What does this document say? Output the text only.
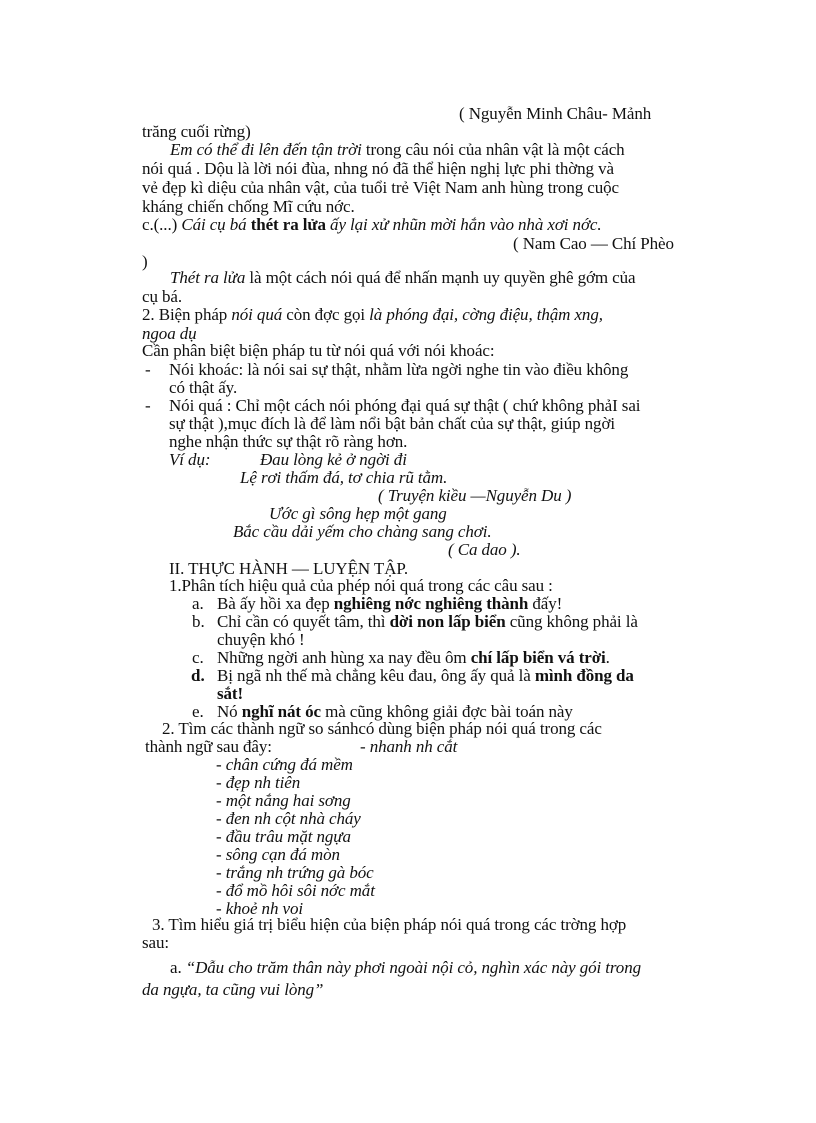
( Nguyễn Minh Châu- Mảnh
trăng cuối rừng)
Em có thể đi lên đến tận trời trong câu nói của nhân vật là một cách
nói quá . Dộu là lời nói đùa, nhng nó đã thể hiện nghị lực phi thờng và
vẻ đẹp kì diệu của nhân vật, của tuổi trẻ Việt Nam anh hùng trong cuộc
kháng chiến chống Mĩ cứu nớc.
c.(...) Cái cụ bá thét ra lửa ấy lại xử nhũn mời hắn vào nhà xơi nớc.
( Nam Cao — Chí Phèo
)
Thét ra lửa là một cách nói quá để nhấn mạnh uy quyền ghê gớm của
cụ bá.
2. Biện pháp nói quá còn đợc gọi là phóng đại, cờng điệu, thậm xng,
ngoa dụ
Cần phân biệt biện pháp tu từ nói quá với nói khoác:
- Nói khoác: là nói sai sự thật, nhằm lừa ngời nghe tin vào điều không
có thật ấy.
- Nói quá : Chỉ một cách nói phóng đại quá sự thật ( chứ không phảI sai
sự thật ),mục đích là để làm nổi bật bản chất của sự thật, giúp ngời
nghe nhận thức sự thật rõ ràng hơn.
Ví dụ:	Đau lòng kẻ ở ngời đi
Lệ rơi thấm đá, tơ chia rũ tằm.
( Truyện kiều —Nguyễn Du )
Ước gì sông hẹp một gang
Bắc cầu dải yếm cho chàng sang chơi.
( Ca dao ).
II. THỰC HÀNH — LUYỆN TẬP.
1.Phân tích hiệu quả của phép nói quá trong các câu sau :
a. Bà ấy hồi xa đẹp nghiêng nớc nghiêng thành đấy!
b. Chỉ cần có quyết tâm, thì dời non lấp biển cũng không phải là
chuyện khó !
c. Những ngời anh hùng xa nay đều ôm chí lấp biển vá trời.
d. Bị ngã nh thế mà chẳng kêu đau, ông ấy quả là mình đồng da
sắt!
e. Nó nghĩ nát óc mà cũng không giải đợc bài toán này
2. Tìm các thành ngữ so sánhcó dùng biện pháp nói quá trong các
thành ngữ sau đây:	- nhanh nh cắt
- chân cứng đá mềm
- đẹp nh tiên
- một nắng hai sơng
- đen nh cột nhà cháy
- đầu trâu mặt ngựa
- sông cạn đá mòn
- trắng nh trứng gà bóc
- đổ mồ hôi sôi nớc mắt
- khoẻ nh voi
3. Tìm hiểu giá trị biểu hiện của biện pháp nói quá trong các trờng hợp
sau:
a. “Dẫu cho trăm thân này phơi ngoài nội cỏ, nghìn xác này gói trong
da ngựa, ta cũng vui lòng”
